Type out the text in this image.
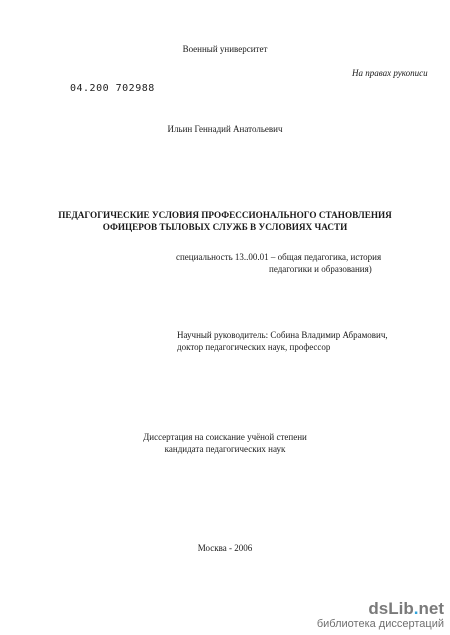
Военный университет
На правах рукописи
04.200 702988
Ильин Геннадий Анатольевич
ПЕДАГОГИЧЕСКИЕ УСЛОВИЯ ПРОФЕССИОНАЛЬНОГО СТАНОВЛЕНИЯ
ОФИЦЕРОВ ТЫЛОВЫХ СЛУЖБ В УСЛОВИЯХ ЧАСТИ
специальность 13..00.01 – общая педагогика, история
педагогики и образования)
Научный руководитель: Собина Владимир Абрамович,
доктор педагогических наук, профессор
Диссертация на соискание учёной степени
кандидата педагогических наук
Москва - 2006
dsLib.net
библиотека диссертаций
